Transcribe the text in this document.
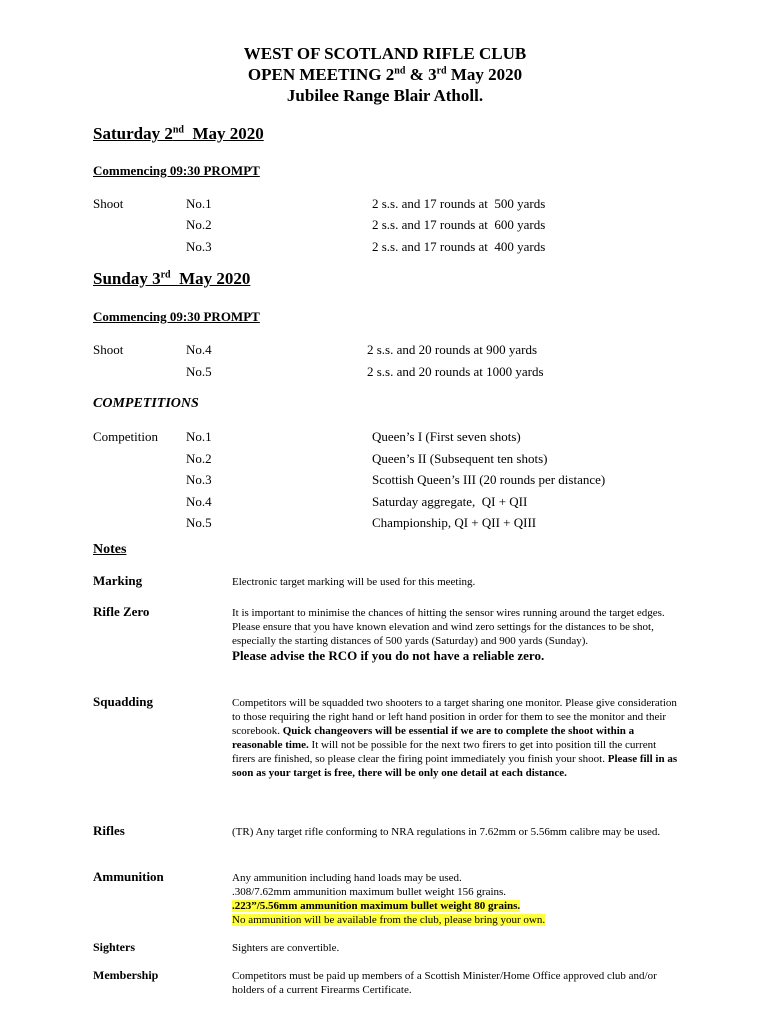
WEST OF SCOTLAND RIFLE CLUB
OPEN MEETING 2nd & 3rd May 2020
Jubilee Range Blair Atholl.
Saturday 2nd  May 2020
Commencing 09:30 PROMPT
Shoot	No.1	2 s.s. and 17 rounds at  500 yards
No.2	2 s.s. and 17 rounds at  600 yards
No.3	2 s.s. and 17 rounds at  400 yards
Sunday 3rd  May 2020
Commencing 09:30 PROMPT
Shoot	No.4	2 s.s. and 20 rounds at 900 yards
No.5	2 s.s. and 20 rounds at 1000 yards
COMPETITIONS
Competition No.1	Queen’s I (First seven shots)
No.2	Queen’s II (Subsequent ten shots)
No.3	Scottish Queen’s III (20 rounds per distance)
No.4	Saturday aggregate,  QI + QII
No.5	Championship, QI + QII + QIII
Notes
Marking	Electronic target marking will be used for this meeting.

Rifle Zero	It is important to minimise the chances of hitting the sensor wires running around the target edges. Please ensure that you have known elevation and wind zero settings for the distances to be shot, especially the starting distances of 500 yards (Saturday) and 900 yards (Sunday).

Please advise the RCO if you do not have a reliable zero.

Squadding	Competitors will be squadded two shooters to a target sharing one monitor. Please give consideration to those requiring the right hand or left hand position in order for them to see the monitor and their scorebook. Quick changeovers will be essential if we are to complete the shoot within a reasonable time. It will not be possible for the next two firers to get into position till the current firers are finished, so please clear the firing point immediately you finish your shoot. Please fill in as soon as your target is free, there will be only one detail at each distance.

Rifles	(TR) Any target rifle conforming to NRA regulations in 7.62mm or 5.56mm calibre may be used.

Ammunition	Any ammunition including hand loads may be used.

.308/7.62mm ammunition maximum bullet weight 156 grains.

.223”/5.56mm ammunition maximum bullet weight 80 grains.

No ammunition will be available from the club, please bring your own.

Sighters	Sighters are convertible.

Membership	Competitors must be paid up members of a Scottish Minister/Home Office approved club and/or holders of a current Firearms Certificate.
